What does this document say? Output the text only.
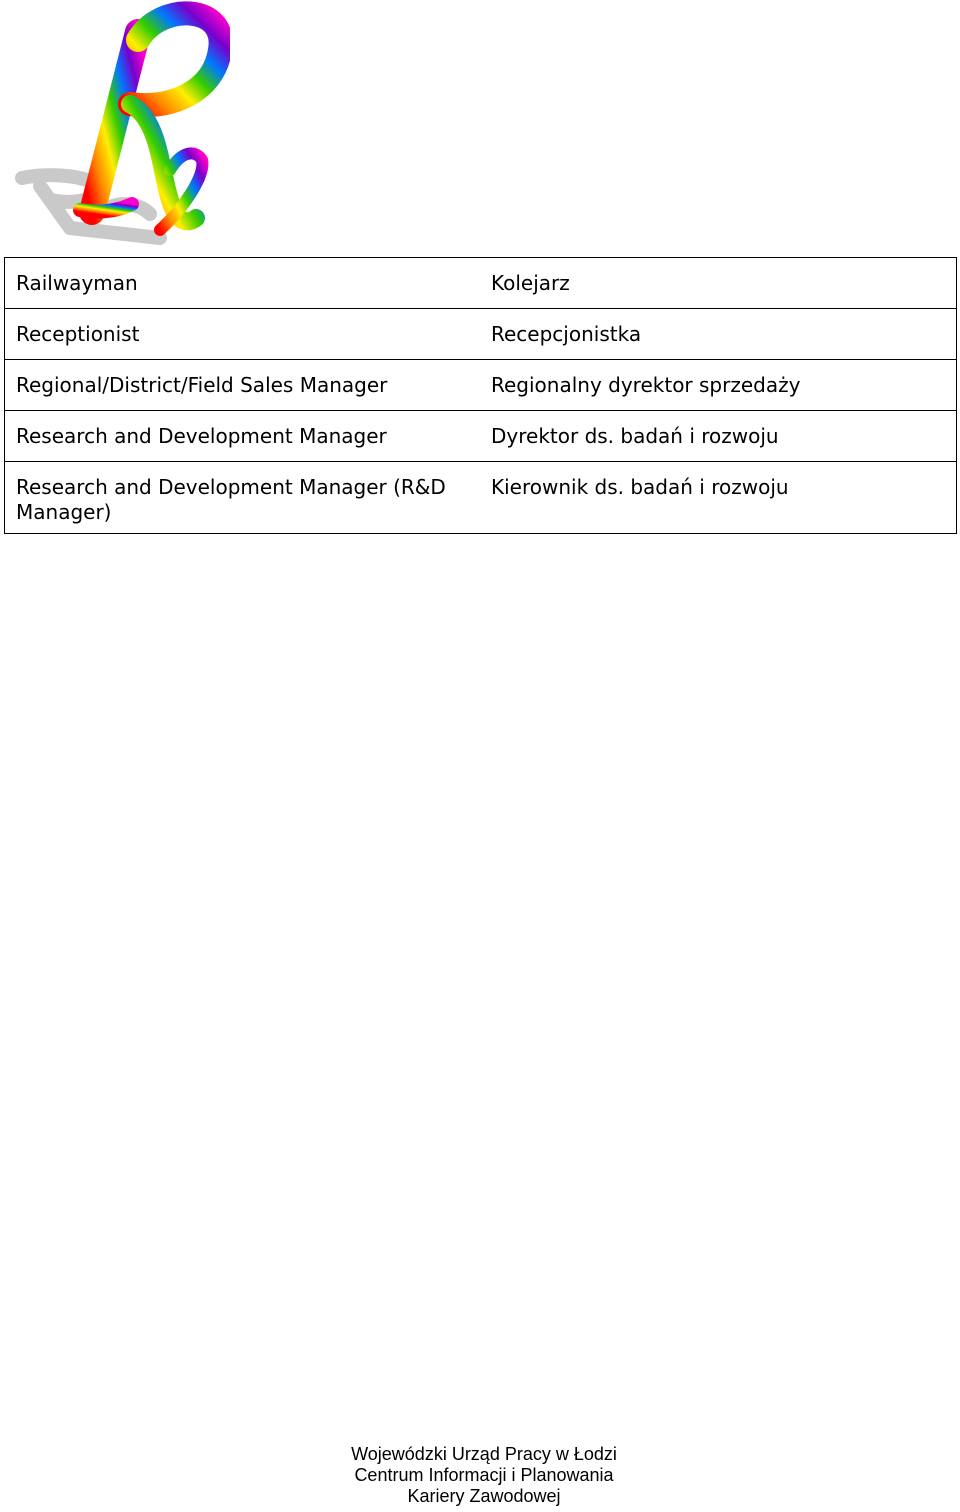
Railwayman	Kolejarz
Receptionist	Recepcjonistka
Regional/District/Field Sales Manager	Regionalny dyrektor sprzedaży
Research and Development Manager	Dyrektor ds. badań i rozwoju
Research and Development Manager (R&D Manager)	Kierownik ds. badań i rozwoju
Wojewódzki Urząd Pracy w Łodzi
Centrum Informacji i Planowania
Kariery Zawodowej
